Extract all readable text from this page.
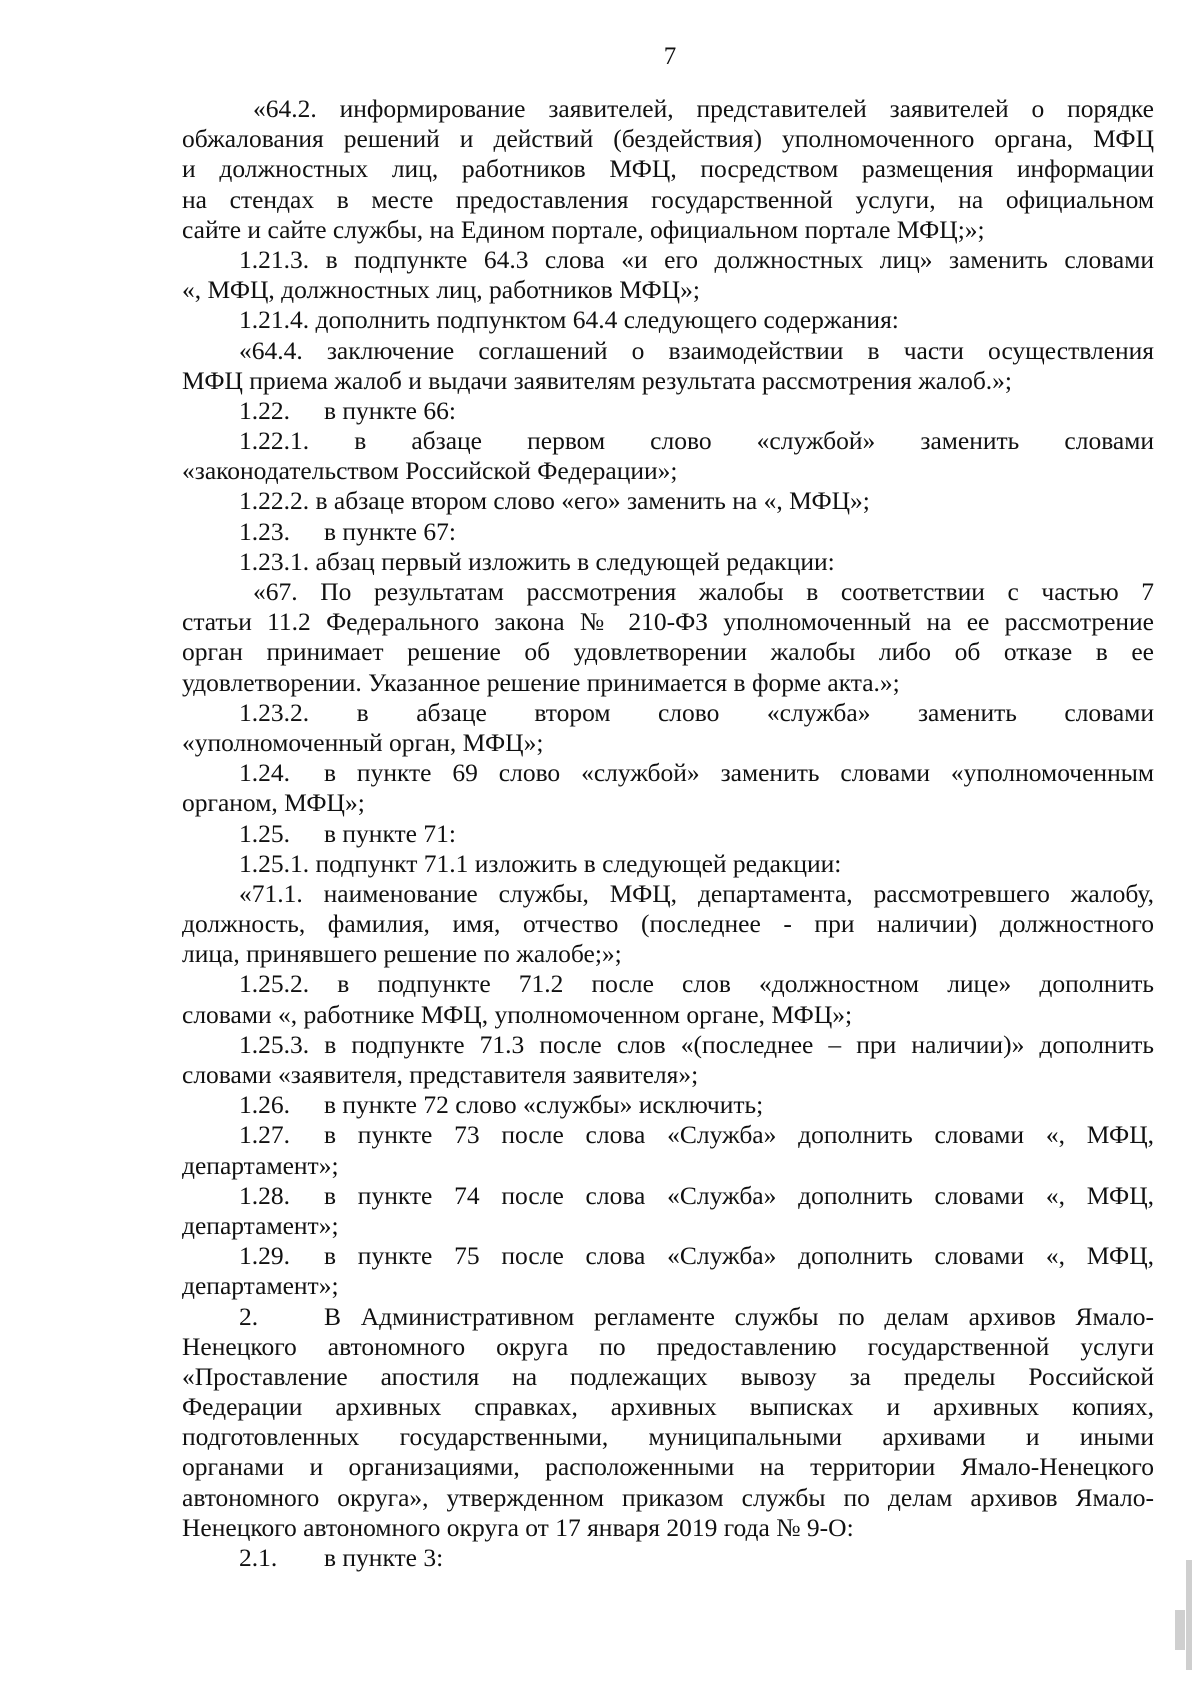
7
«64.2. информирование заявителей, представителей заявителей о порядке
обжалования решений и действий (бездействия) уполномоченного органа, МФЦ
и должностных лиц, работников МФЦ, посредством размещения информации
на стендах в месте предоставления государственной услуги, на официальном
сайте и сайте службы, на Едином портале, официальном портале МФЦ;»;
1.21.3. в подпункте 64.3 слова «и его должностных лиц» заменить словами
«, МФЦ, должностных лиц, работников МФЦ»;
1.21.4. дополнить подпунктом 64.4 следующего содержания:
«64.4. заключение соглашений о взаимодействии в части осуществления
МФЦ приема жалоб и выдачи заявителям результата рассмотрения жалоб.»;
1.22. в пункте 66:
1.22.1. в абзаце первом слово «службой» заменить словами
«законодательством Российской Федерации»;
1.22.2. в абзаце втором слово «его» заменить на «, МФЦ»;
1.23. в пункте 67:
1.23.1. абзац первый изложить в следующей редакции:
«67. По результатам рассмотрения жалобы в соответствии с частью 7
статьи 11.2 Федерального закона № 210-ФЗ уполномоченный на ее рассмотрение
орган принимает решение об удовлетворении жалобы либо об отказе в ее
удовлетворении. Указанное решение принимается в форме акта.»;
1.23.2. в абзаце втором слово «служба» заменить словами
«уполномоченный орган, МФЦ»;
1.24. в пункте 69 слово «службой» заменить словами «уполномоченным
органом, МФЦ»;
1.25. в пункте 71:
1.25.1. подпункт 71.1 изложить в следующей редакции:
«71.1. наименование службы, МФЦ, департамента, рассмотревшего жалобу,
должность, фамилия, имя, отчество (последнее - при наличии) должностного
лица, принявшего решение по жалобе;»;
1.25.2. в подпункте 71.2 после слов «должностном лице» дополнить
словами «, работнике МФЦ, уполномоченном органе, МФЦ»;
1.25.3. в подпункте 71.3 после слов «(последнее – при наличии)» дополнить
словами «заявителя, представителя заявителя»;
1.26. в пункте 72 слово «службы» исключить;
1.27. в пункте 73 после слова «Служба» дополнить словами «, МФЦ,
департамент»;
1.28. в пункте 74 после слова «Служба» дополнить словами «, МФЦ,
департамент»;
1.29. в пункте 75 после слова «Служба» дополнить словами «, МФЦ,
департамент»;
2.	В Административном регламенте службы по делам архивов Ямало-
Ненецкого автономного округа по предоставлению государственной услуги
«Проставление апостиля на подлежащих вывозу за пределы Российской
Федерации архивных справках, архивных выписках и архивных копиях,
подготовленных государственными, муниципальными архивами и иными
органами и организациями, расположенными на территории Ямало-Ненецкого
автономного округа», утвержденном приказом службы по делам архивов Ямало-
Ненецкого автономного округа от 17 января 2019 года № 9-О:
2.1. в пункте 3:
